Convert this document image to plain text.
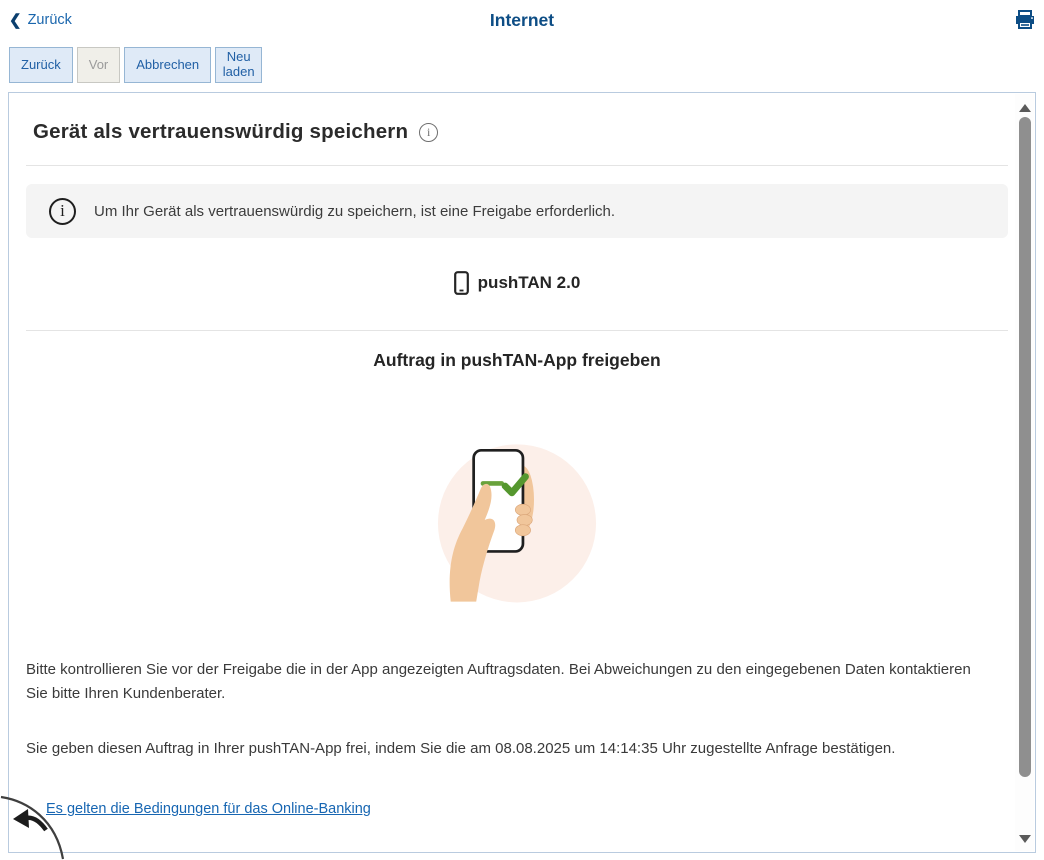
❮ Zurück	Internet
Zurück	Vor	Abbrechen	Neu laden
Gerät als vertrauenswürdig speichern	i
i	Um Ihr Gerät als vertrauenswürdig zu speichern, ist eine Freigabe erforderlich.
pushTAN 2.0
Auftrag in pushTAN-App freigeben

Bitte kontrollieren Sie vor der Freigabe die in der App angezeigten Auftragsdaten. Bei Abweichungen zu den eingegebenen Daten kontaktieren Sie bitte Ihren Kundenberater.

Sie geben diesen Auftrag in Ihrer pushTAN-App frei, indem Sie die am 08.08.2025 um 14:14:35 Uhr zugestellte Anfrage bestätigen.

Es gelten die Bedingungen für das Online-Banking
